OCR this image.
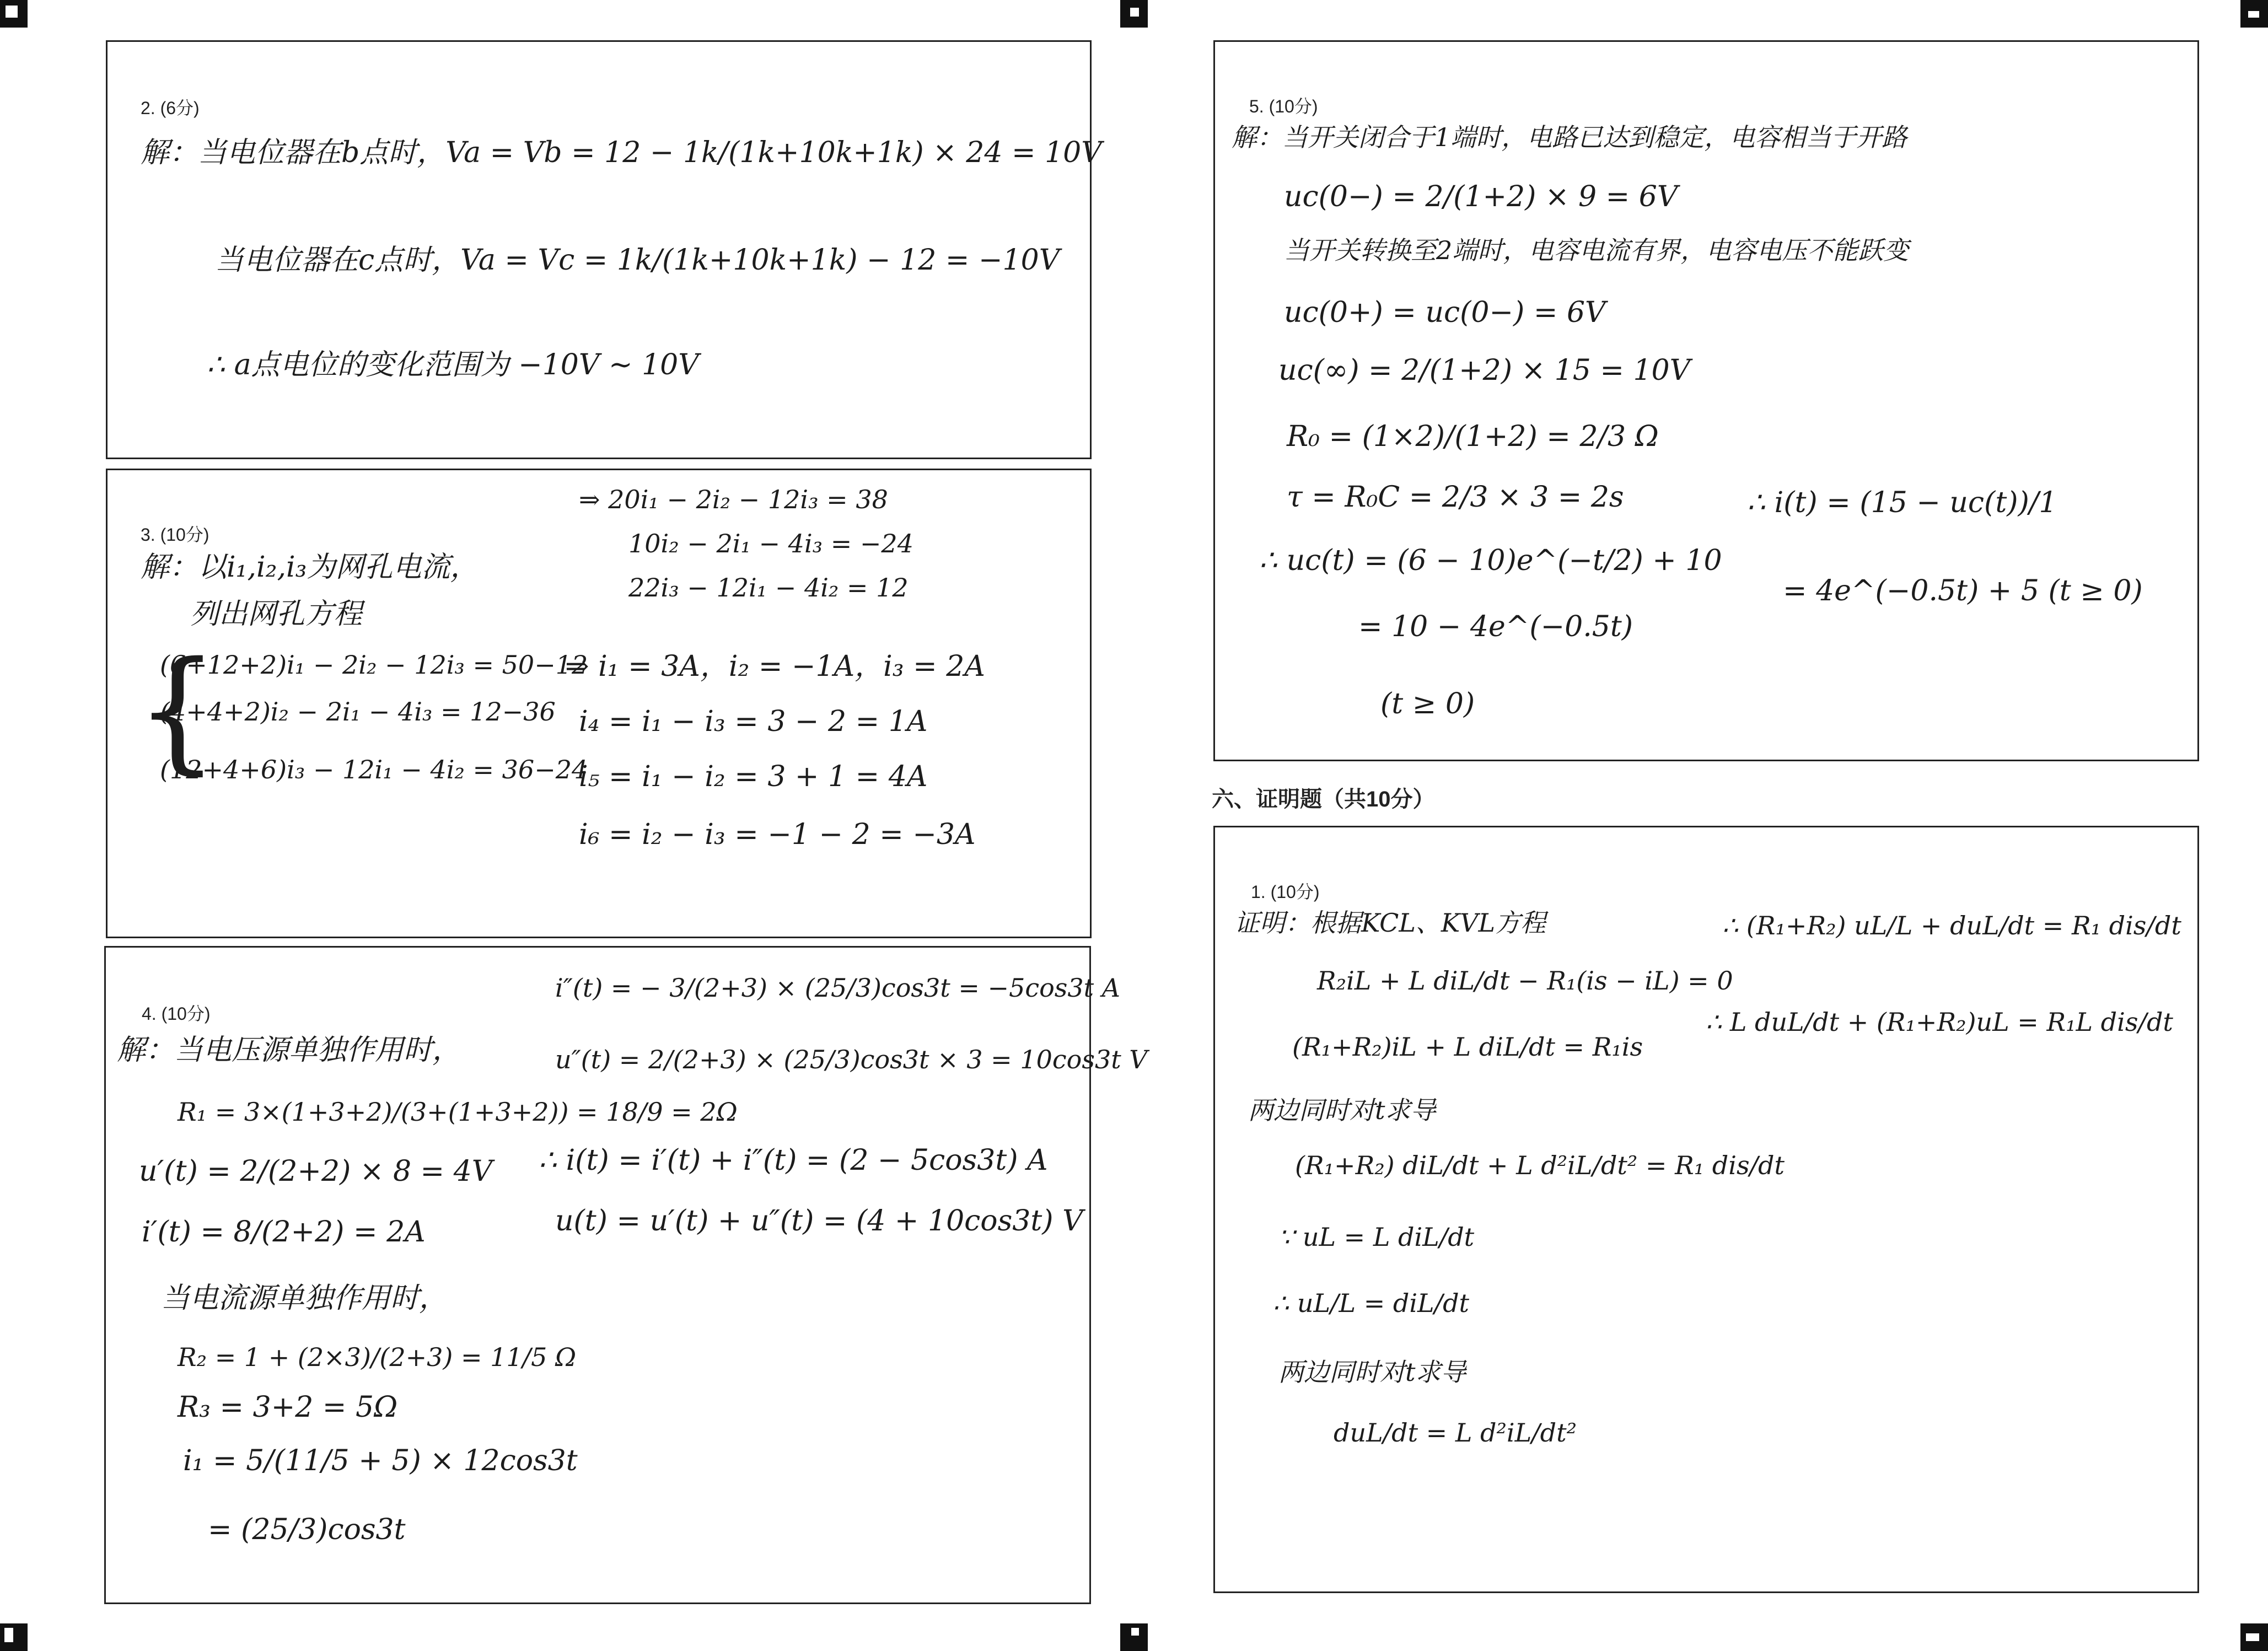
2. (6分)
解：当电位器在b点时，Va = Vb = 12 − 1k/(1k+10k+1k) × 24 = 10V
当电位器在c点时，Va = Vc = 1k/(1k+10k+1k) − 12 = −10V
∴ a点电位的变化范围为 −10V ~ 10V
3. (10分)
解：以i₁,i₂,i₃为网孔电流，
列出网孔方程
{
(6+12+2)i₁ − 2i₂ − 12i₃ = 50−12
(4+4+2)i₂ − 2i₁ − 4i₃ = 12−36
(12+4+6)i₃ − 12i₁ − 4i₂ = 36−24
⇒ 20i₁ − 2i₂ − 12i₃ = 38
10i₂ − 2i₁ − 4i₃ = −24
22i₃ − 12i₁ − 4i₂ = 12
⇒ i₁ = 3A，i₂ = −1A，i₃ = 2A
i₄ = i₁ − i₃ = 3 − 2 = 1A
i₅ = i₁ − i₂ = 3 + 1 = 4A
i₆ = i₂ − i₃ = −1 − 2 = −3A
4. (10分)
解：当电压源单独作用时，
R₁ = 3×(1+3+2)/(3+(1+3+2)) = 18/9 = 2Ω
u′(t) = 2/(2+2) × 8 = 4V
i′(t) = 8/(2+2) = 2A
当电流源单独作用时，
R₂ = 1 + (2×3)/(2+3) = 11/5 Ω
R₃ = 3+2 = 5Ω
i₁ = 5/(11/5 + 5) × 12cos3t
= (25/3)cos3t
i″(t) = − 3/(2+3) × (25/3)cos3t = −5cos3t A
u″(t) = 2/(2+3) × (25/3)cos3t × 3 = 10cos3t V
∴ i(t) = i′(t) + i″(t) = (2 − 5cos3t) A
u(t) = u′(t) + u″(t) = (4 + 10cos3t) V
5. (10分)
解：当开关闭合于1端时，电路已达到稳定，电容相当于开路
uc(0−) = 2/(1+2) × 9 = 6V
当开关转换至2端时，电容电流有界，电容电压不能跃变
uc(0+) = uc(0−) = 6V
uc(∞) = 2/(1+2) × 15 = 10V
R₀ = (1×2)/(1+2) = 2/3 Ω
τ = R₀C = 2/3 × 3 = 2s
∴ uc(t) = (6 − 10)e^(−t/2) + 10
= 10 − 4e^(−0.5t)
(t ≥ 0)
∴ i(t) = (15 − uc(t))/1
= 4e^(−0.5t) + 5 (t ≥ 0)
六、证明题（共10分）
1. (10分)
证明：根据KCL、KVL方程
R₂iL + L diL/dt − R₁(is − iL) = 0
(R₁+R₂)iL + L diL/dt = R₁is
两边同时对t求导
(R₁+R₂) diL/dt + L d²iL/dt² = R₁ dis/dt
∵ uL = L diL/dt
∴ uL/L = diL/dt
两边同时对t求导
duL/dt = L d²iL/dt²
∴ (R₁+R₂) uL/L + duL/dt = R₁ dis/dt
∴ L duL/dt + (R₁+R₂)uL = R₁L dis/dt
